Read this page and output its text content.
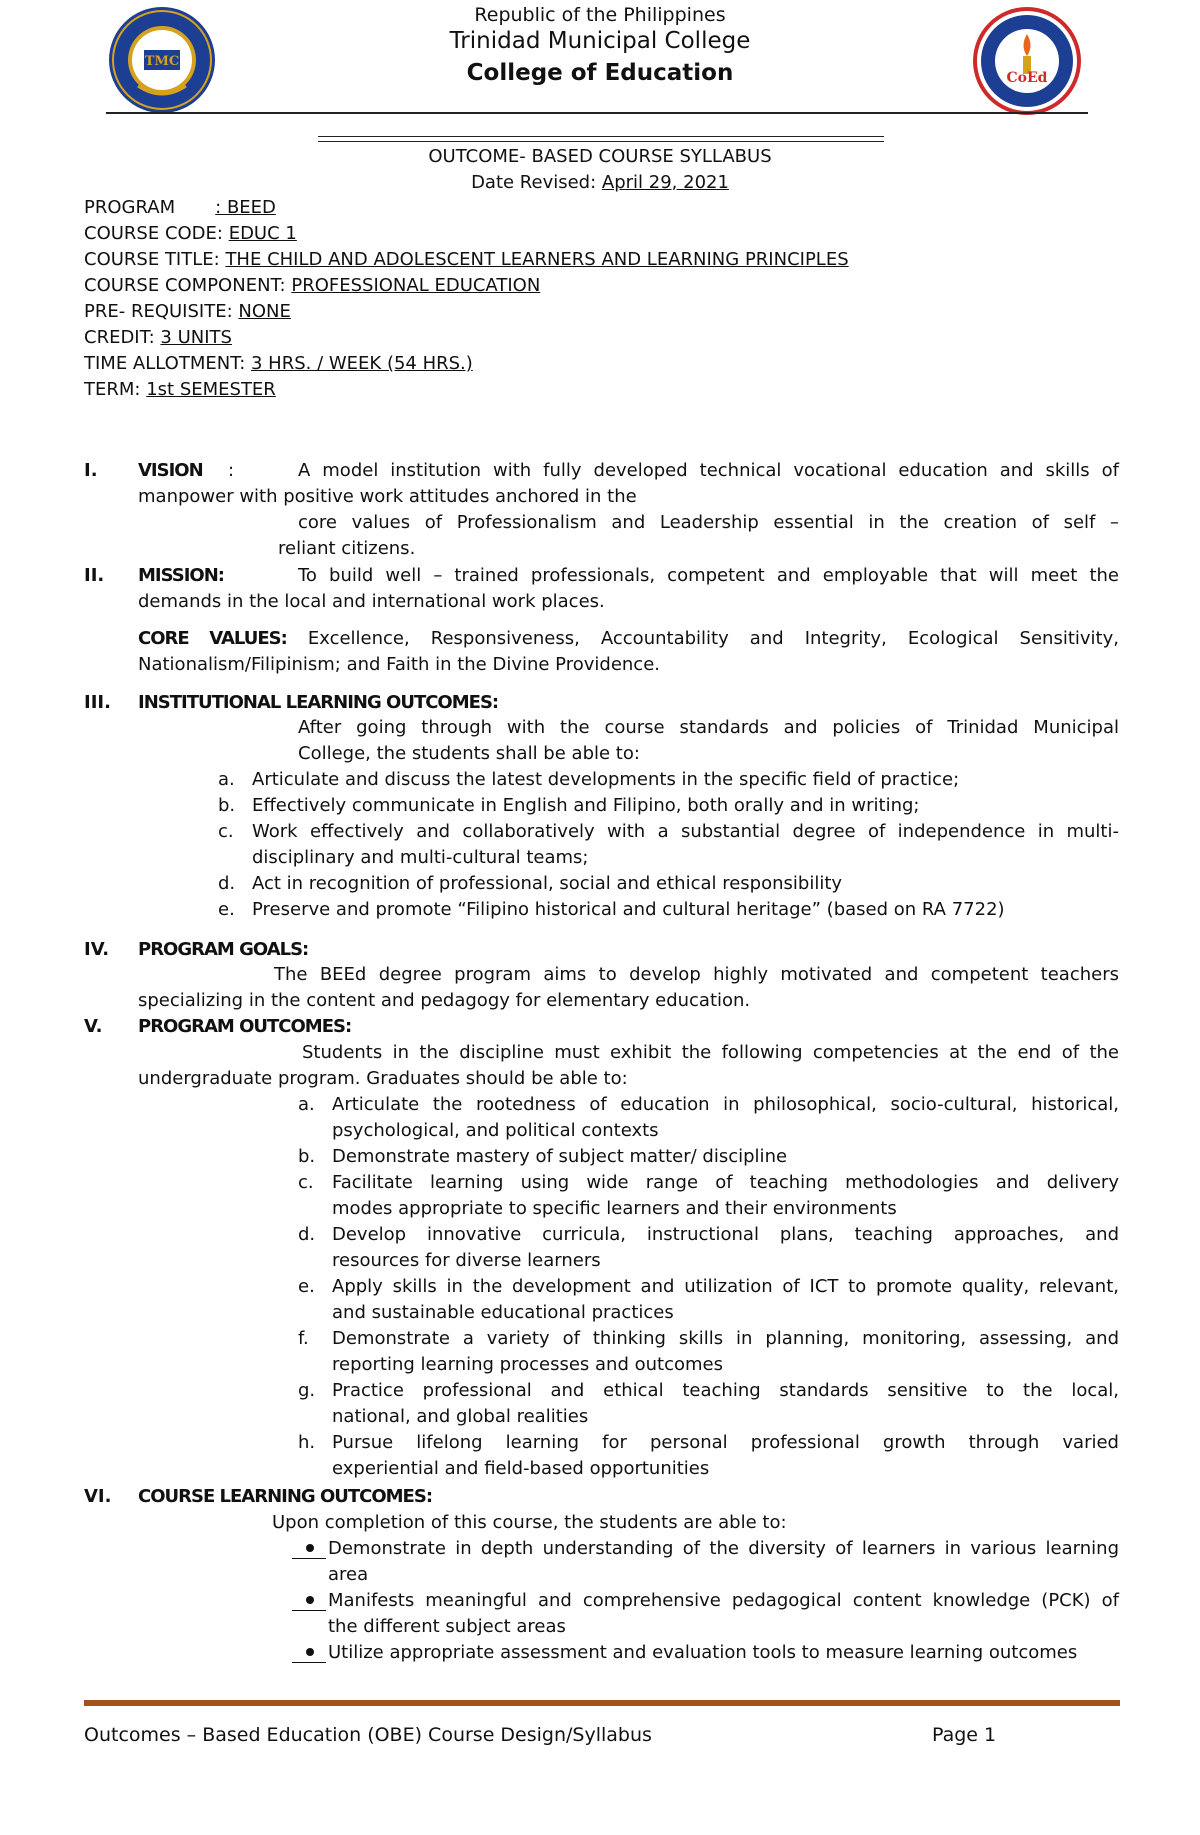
TMC
CoEd
Republic of the Philippines
Trinidad Municipal College
College of Education
OUTCOME- BASED COURSE SYLLABUS
Date Revised: April 29, 2021
PROGRAM       : BEED
COURSE CODE: EDUC 1
COURSE TITLE: THE CHILD AND ADOLESCENT LEARNERS AND LEARNING PRINCIPLES
COURSE COMPONENT: PROFESSIONAL EDUCATION
PRE- REQUISITE: NONE
CREDIT: 3 UNITS
TIME ALLOTMENT: 3 HRS. / WEEK (54 HRS.)
TERM: 1st SEMESTER
I. VISION :	A model institution with fully developed technical vocational education and skills of
manpower with positive work attitudes anchored in the
core values of Professionalism and Leadership essential in the creation of self –
reliant citizens.
II. MISSION:	To build well – trained professionals, competent and employable that will meet the
demands in the local and international work places.
CORE VALUES: Excellence, Responsiveness, Accountability and Integrity, Ecological Sensitivity,
Nationalism/Filipinism; and Faith in the Divine Providence.
III. INSTITUTIONAL LEARNING OUTCOMES:
After going through with the course standards and policies of Trinidad Municipal
College, the students shall be able to:
a. Articulate and discuss the latest developments in the specific field of practice;
b. Effectively communicate in English and Filipino, both orally and in writing;
c. Work effectively and collaboratively with a substantial degree of independence in multi-
disciplinary and multi-cultural teams;
d. Act in recognition of professional, social and ethical responsibility
e. Preserve and promote “Filipino historical and cultural heritage” (based on RA 7722)
IV. PROGRAM GOALS:
The BEEd degree program aims to develop highly motivated and competent teachers
specializing in the content and pedagogy for elementary education.
V. PROGRAM OUTCOMES:
Students in the discipline must exhibit the following competencies at the end of the
undergraduate program. Graduates should be able to:
a. Articulate the rootedness of education in philosophical, socio-cultural, historical,
psychological, and political contexts
b. Demonstrate mastery of subject matter/ discipline
c. Facilitate learning using wide range of teaching methodologies and delivery
modes appropriate to specific learners and their environments
d. Develop innovative curricula, instructional plans, teaching approaches, and
resources for diverse learners
e. Apply skills in the development and utilization of ICT to promote quality, relevant,
and sustainable educational practices
f. Demonstrate a variety of thinking skills in planning, monitoring, assessing, and
reporting learning processes and outcomes
g. Practice professional and ethical teaching standards sensitive to the local,
national, and global realities
h. Pursue lifelong learning for personal professional growth through varied
experiential and field-based opportunities
VI. COURSE LEARNING OUTCOMES:
Upon completion of this course, the students are able to:
Demonstrate in depth understanding of the diversity of learners in various learning
area
Manifests meaningful and comprehensive pedagogical content knowledge (PCK) of
the different subject areas
Utilize appropriate assessment and evaluation tools to measure learning outcomes
Outcomes – Based Education (OBE) Course Design/Syllabus	Page 1
